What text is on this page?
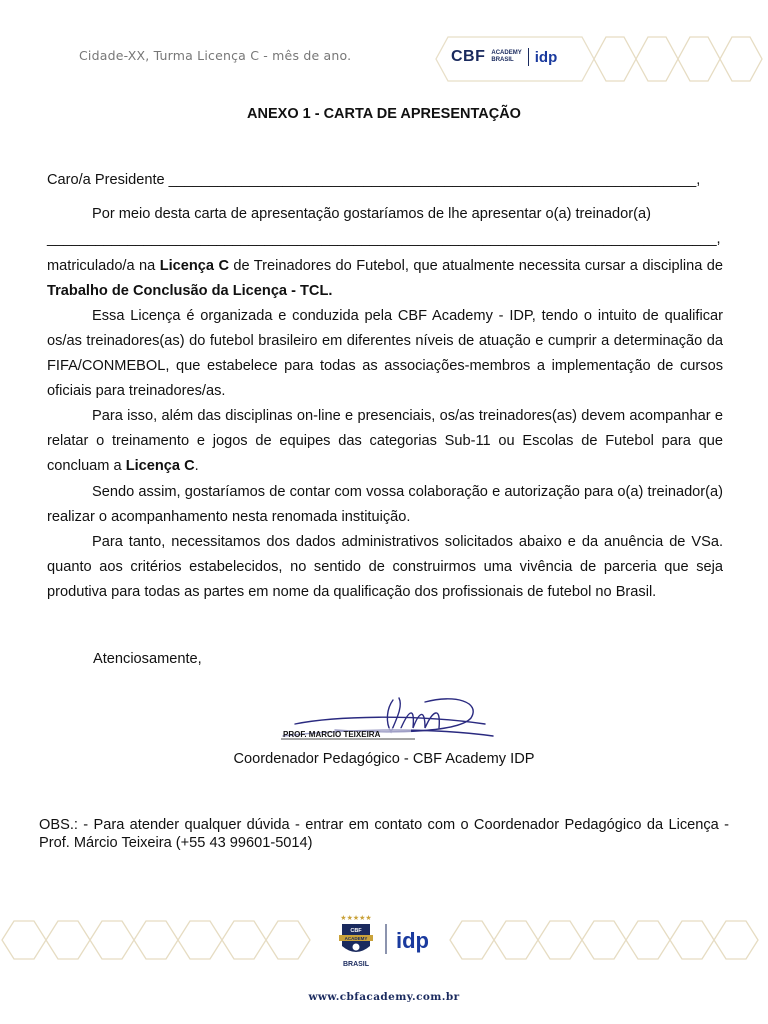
Cidade-XX, Turma Licença C - mês de ano.	CBF ACADEMY
BRASIL	idp
ANEXO 1 - CARTA DE APRESENTAÇÃO
Caro/a Presidente _________________________________________________________________,
Por meio desta carta de apresentação gostaríamos de lhe apresentar o(a) treinador(a)
___________________________________________________________________________________,

matriculado/a na Licença C de Treinadores do Futebol, que atualmente necessita cursar a disciplina de Trabalho de Conclusão da Licença - TCL.

Essa Licença é organizada e conduzida pela CBF Academy - IDP, tendo o intuito de qualificar os/as treinadores(as) do futebol brasileiro em diferentes níveis de atuação e cumprir a determinação da FIFA/CONMEBOL, que estabelece para todas as associações-membros a implementação de cursos oficiais para treinadores/as.

Para isso, além das disciplinas on-line e presenciais, os/as treinadores(as) devem acompanhar e relatar o treinamento e jogos de equipes das categorias Sub-11 ou Escolas de Futebol para que concluam a Licença C.

Sendo assim, gostaríamos de contar com vossa colaboração e autorização para o(a) treinador(a) realizar o acompanhamento nesta renomada instituição.

Para tanto, necessitamos dos dados administrativos solicitados abaixo e da anuência de VSa. quanto aos critérios estabelecidos, no sentido de construirmos uma vivência de parceria que seja produtiva para todas as partes em nome da qualificação dos profissionais de futebol no Brasil.

Atenciosamente,
PROF. MARCIO TEIXEIRA
Coordenador Pedagógico - CBF Academy IDP
OBS.: - Para atender qualquer dúvida - entrar em contato com o Coordenador Pedagógico da Licença - Prof. Márcio Teixeira (+55 43 99601-5014)
★★★★★
CBF
ACADEMY
BRASIL
idp
www.cbfacademy.com.br
